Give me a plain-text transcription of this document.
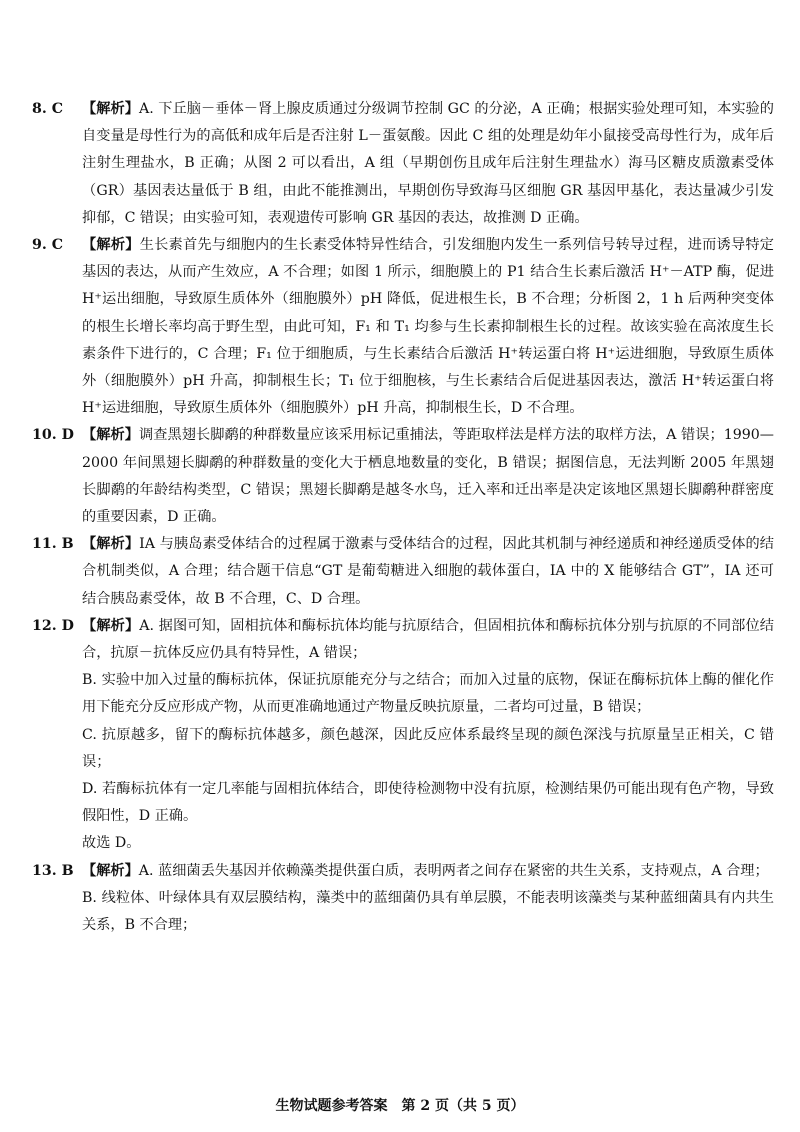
8. C	【解析】A. 下丘脑－垂体－肾上腺皮质通过分级调节控制 GC 的分泌，A 正确；根据实验处理可知，本实验的自变量是母性行为的高低和成年后是否注射 L－蛋氨酸。因此 C 组的处理是幼年小鼠接受高母性行为，成年后注射生理盐水，B 正确；从图 2 可以看出，A 组（早期创伤且成年后注射生理盐水）海马区糖皮质激素受体（GR）基因表达量低于 B 组，由此不能推测出，早期创伤导致海马区细胞 GR 基因甲基化，表达量减少引发抑郁，C 错误；由实验可知，表观遗传可影响 GR 基因的表达，故推测 D 正确。
9. C	【解析】生长素首先与细胞内的生长素受体特异性结合，引发细胞内发生一系列信号转导过程，进而诱导特定基因的表达，从而产生效应，A 不合理；如图 1 所示，细胞膜上的 P1 结合生长素后激活 H⁺－ATP 酶，促进 H⁺运出细胞，导致原生质体外（细胞膜外）pH 降低，促进根生长，B 不合理；分析图 2，1 h 后两种突变体的根生长增长率均高于野生型，由此可知，F₁ 和 T₁ 均参与生长素抑制根生长的过程。故该实验在高浓度生长素条件下进行的，C 合理；F₁ 位于细胞质，与生长素结合后激活 H⁺转运蛋白将 H⁺运进细胞，导致原生质体外（细胞膜外）pH 升高，抑制根生长；T₁ 位于细胞核，与生长素结合后促进基因表达，激活 H⁺转运蛋白将 H⁺运进细胞，导致原生质体外（细胞膜外）pH 升高，抑制根生长，D 不合理。
10. D 【解析】调查黑翅长脚鹬的种群数量应该采用标记重捕法，等距取样法是样方法的取样方法，A 错误；1990—2000 年间黑翅长脚鹬的种群数量的变化大于栖息地数量的变化，B 错误；据图信息，无法判断 2005 年黑翅长脚鹬的年龄结构类型，C 错误；黑翅长脚鹬是越冬水鸟，迁入率和迁出率是决定该地区黑翅长脚鹬种群密度的重要因素，D 正确。
11. B 【解析】IA 与胰岛素受体结合的过程属于激素与受体结合的过程，因此其机制与神经递质和神经递质受体的结合机制类似，A 合理；结合题干信息“GT 是葡萄糖进入细胞的载体蛋白，IA 中的 X 能够结合 GT”，IA 还可结合胰岛素受体，故 B 不合理，C、D 合理。
12. D 【解析】A. 据图可知，固相抗体和酶标抗体均能与抗原结合，但固相抗体和酶标抗体分别与抗原的不同部位结合，抗原－抗体反应仍具有特异性，A 错误；
B. 实验中加入过量的酶标抗体，保证抗原能充分与之结合；而加入过量的底物，保证在酶标抗体上酶的催化作用下能充分反应形成产物，从而更准确地通过产物量反映抗原量，二者均可过量，B 错误；
C. 抗原越多，留下的酶标抗体越多，颜色越深，因此反应体系最终呈现的颜色深浅与抗原量呈正相关，C 错误；
D. 若酶标抗体有一定几率能与固相抗体结合，即使待检测物中没有抗原，检测结果仍可能出现有色产物，导致假阳性，D 正确。
故选 D。
13. B 【解析】A. 蓝细菌丢失基因并依赖藻类提供蛋白质，表明两者之间存在紧密的共生关系，支持观点，A 合理；
B. 线粒体、叶绿体具有双层膜结构，藻类中的蓝细菌仍具有单层膜，不能表明该藻类与某种蓝细菌具有内共生关系，B 不合理；
生物试题参考答案　第 2 页（共 5 页）
